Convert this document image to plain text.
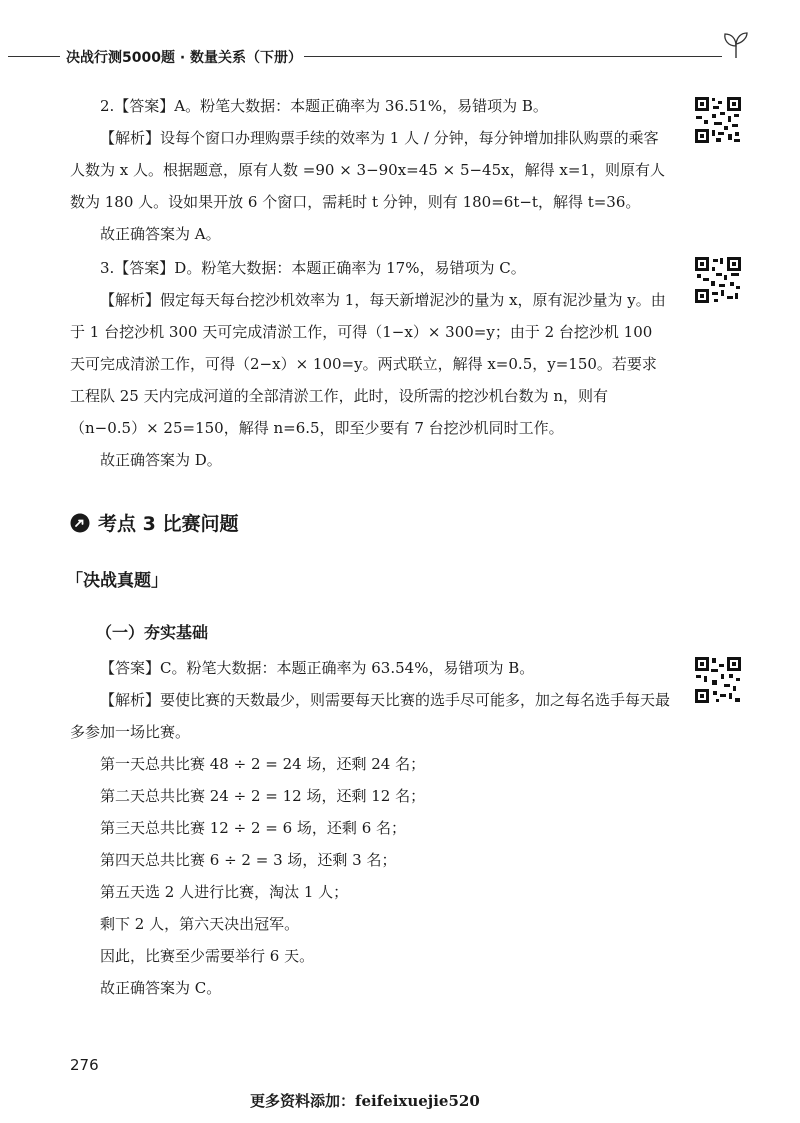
决战行测5000题 · 数量关系（下册）
2.【答案】A。粉笔大数据：本题正确率为 36.51%，易错项为 B。
【解析】设每个窗口办理购票手续的效率为 1 人 / 分钟，每分钟增加排队购票的乘客人数为 x 人。根据题意，原有人数 =90 × 3−90x=45 × 5−45x，解得 x=1，则原有人数为 180 人。设如果开放 6 个窗口，需耗时 t 分钟，则有 180=6t−t，解得 t=36。
故正确答案为 A。
3.【答案】D。粉笔大数据：本题正确率为 17%，易错项为 C。
【解析】假定每天每台挖沙机效率为 1，每天新增泥沙的量为 x，原有泥沙量为 y。由于 1 台挖沙机 300 天可完成清淤工作，可得（1−x）× 300=y；由于 2 台挖沙机 100 天可完成清淤工作，可得（2−x）× 100=y。两式联立，解得 x=0.5，y=150。若要求工程队 25 天内完成河道的全部清淤工作，此时，设所需的挖沙机台数为 n，则有（n−0.5）× 25=150，解得 n=6.5，即至少要有 7 台挖沙机同时工作。
故正确答案为 D。
考点 3 比赛问题
「决战真题」
（一）夯实基础
【答案】C。粉笔大数据：本题正确率为 63.54%，易错项为 B。
【解析】要使比赛的天数最少，则需要每天比赛的选手尽可能多，加之每名选手每天最多参加一场比赛。
第一天总共比赛 48 ÷ 2 = 24 场，还剩 24 名；
第二天总共比赛 24 ÷ 2 = 12 场，还剩 12 名；
第三天总共比赛 12 ÷ 2 = 6 场，还剩 6 名；
第四天总共比赛 6 ÷ 2 = 3 场，还剩 3 名；
第五天选 2 人进行比赛，淘汰 1 人；
剩下 2 人，第六天决出冠军。
因此，比赛至少需要举行 6 天。
故正确答案为 C。
276
更多资料添加：feifeixuejie520
